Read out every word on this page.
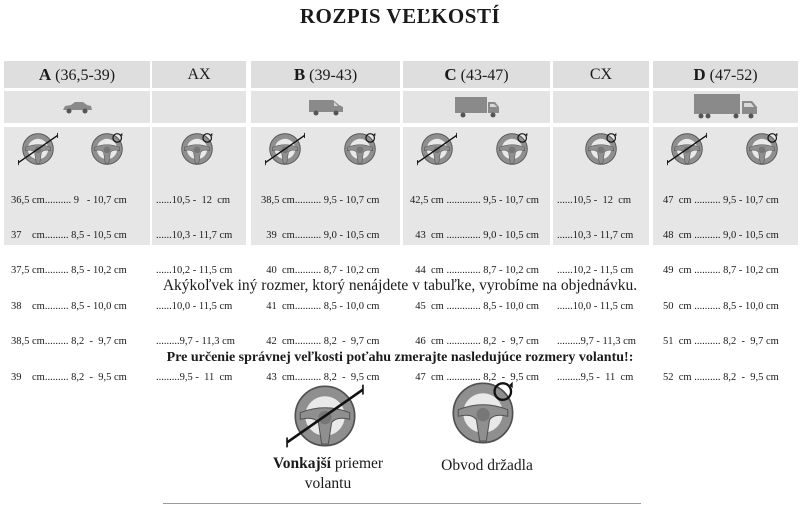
ROZPIS VEĽKOSTÍ
A (36,5-39)

36,5 cm.......... 9   - 10,7 cm

37    cm......... 8,5 - 10,5 cm

37,5 cm......... 8,5 - 10,2 cm

38    cm......... 8,5 - 10,0 cm

38,5 cm......... 8,2  -  9,7 cm

39    cm......... 8,2  -  9,5 cm

AX

......10,5 -  12  cm

......10,3 - 11,7 cm

......10,2 - 11,5 cm

......10,0 - 11,5 cm

.........9,7 - 11,3 cm

.........9,5 -  11  cm

B (39-43)

38,5 cm.......... 9,5 - 10,7 cm

39  cm.......... 9,0 - 10,5 cm

40  cm.......... 8,7 - 10,2 cm

41  cm.......... 8,5 - 10,0 cm

42  cm.......... 8,2  -  9,7 cm

43  cm.......... 8,2  -  9,5 cm

C (43-47)

42,5 cm ............. 9,5 - 10,7 cm

43  cm ............. 9,0 - 10,5 cm

44  cm ............. 8,7 - 10,2 cm

45  cm ............. 8,5 - 10,0 cm

46  cm ............. 8,2  -  9,7 cm

47  cm ............. 8,2  -  9,5 cm

CX

......10,5 -  12  cm

......10,3 - 11,7 cm

......10,2 - 11,5 cm

......10,0 - 11,5 cm

.........9,7 - 11,3 cm

.........9,5 -  11  cm

D (47-52)

47  cm .......... 9,5 - 10,7 cm

48  cm .......... 9,0 - 10,5 cm

49  cm .......... 8,7 - 10,2 cm

50  cm .......... 8,5 - 10,0 cm

51  cm .......... 8,2  -  9,7 cm

52  cm .......... 8,2  -  9,5 cm

Akýkoľvek iný rozmer, ktorý nenájdete v tabuľke, vyrobíme na objednávku.
Pre určenie správnej veľkosti poťahu zmerajte nasledujúce rozmery volantu!:
Vonkajší priemer
volantu
Obvod držadla
